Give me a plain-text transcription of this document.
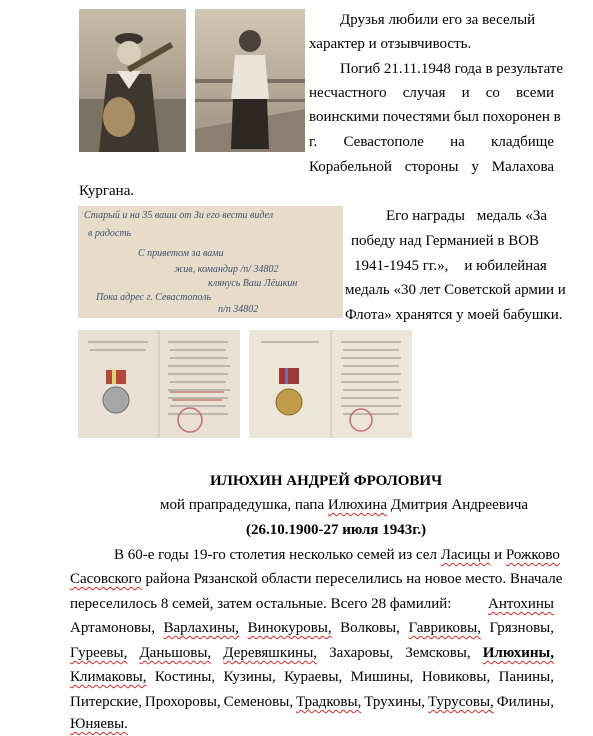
Друзья любили его за веселый
характер и отзывчивость.
Погиб 21.11.1948 года в результате
несчастного случая и со всеми
воинскими почестями был похоронен в
г. Севастополе на кладбище
Корабельной стороны у Малахова
Кургана.
Старый и на 35 ваши от Зи его вести видел
в радость
С приветом за вами
жив, командир /п/ 34802
клянусь Ваш Лёшкин
Пока адрес г. Севастополь
п/п 34802
Его награды медаль «За
победу над Германией в ВОВ
1941-1945 гг.», и юбилейная
медаль «30 лет Советской армии и
Флота» хранятся у моей бабушки.
ИЛЮХИН АНДРЕЙ ФРОЛОВИЧ
мой прапрадедушка, папа Илюхина Дмитрия Андреевича
(26.10.1900-27 июля 1943г.)
В 60-е годы 19-го столетия несколько семей из сел Ласицы и Рожково
Сасовского района Рязанской области переселились на новое место. Вначале
переселилось 8 семей, затем остальные. Всего 28 фамилий: Антохины
Артамоновы, Варлахины, Винокуровы, Волковы, Гавриковы, Грязновы,
Гуреевы, Даньшовы, Деревяшкины, Захаровы, Земсковы, Илюхины,
Климаковы, Костины, Кузины, Кураевы, Мишины, Новиковы, Панины,
Питерские, Прохоровы, Семеновы, Традковы, Трухины, Турусовы, Филины,
Юняевы.
